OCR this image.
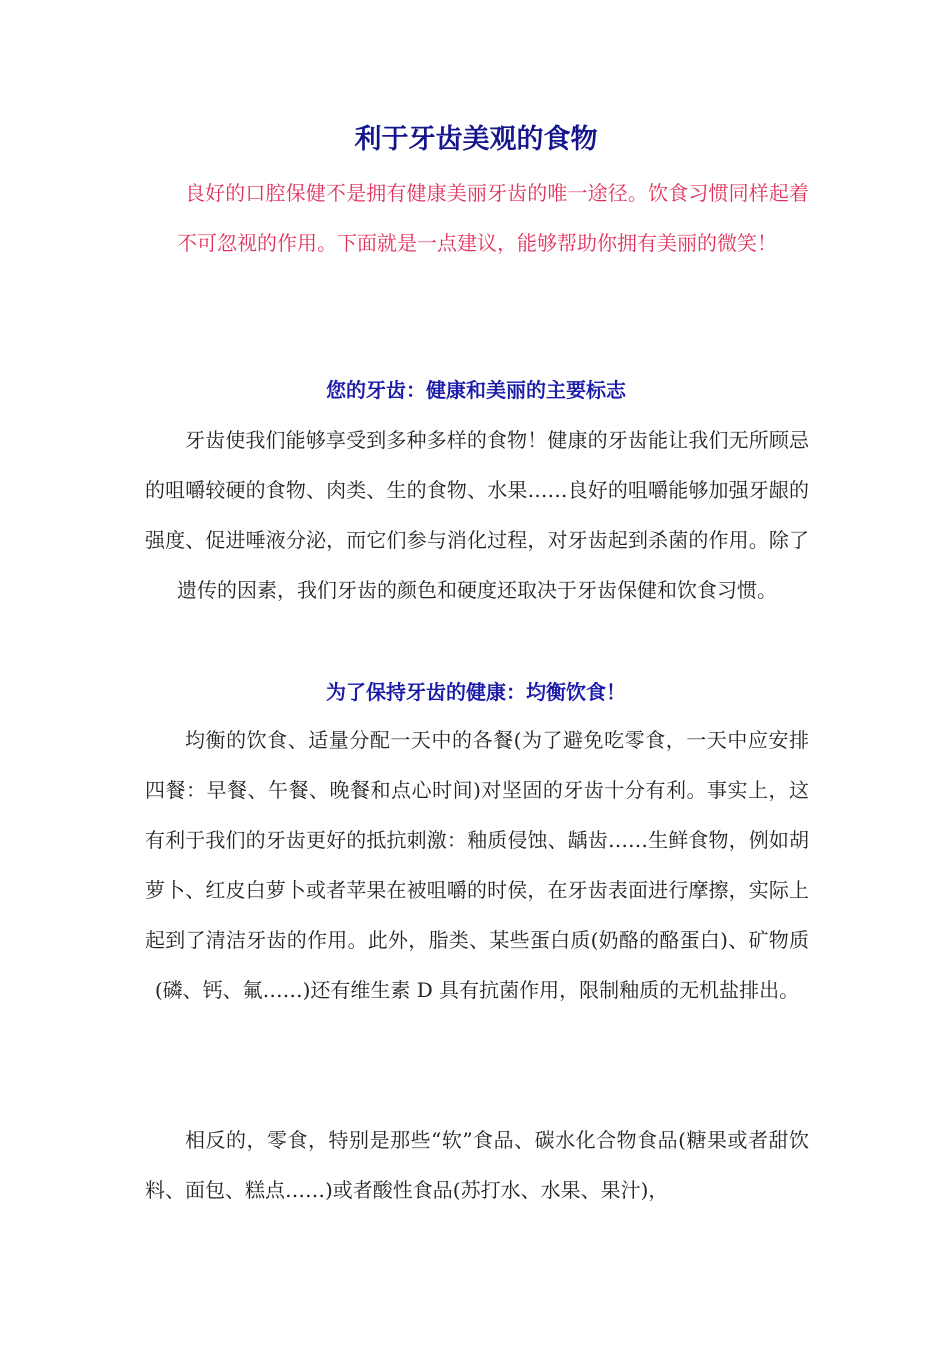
利于牙齿美观的食物
良好的口腔保健不是拥有健康美丽牙齿的唯一途径。饮食习惯同样起着不可忽视的作用。下面就是一点建议，能够帮助你拥有美丽的微笑！
您的牙齿：健康和美丽的主要标志
牙齿使我们能够享受到多种多样的食物！健康的牙齿能让我们无所顾忌的咀嚼较硬的食物、肉类、生的食物、水果……良好的咀嚼能够加强牙龈的强度、促进唾液分泌，而它们参与消化过程，对牙齿起到杀菌的作用。除了遗传的因素，我们牙齿的颜色和硬度还取决于牙齿保健和饮食习惯。
为了保持牙齿的健康：均衡饮食！
均衡的饮食、适量分配一天中的各餐(为了避免吃零食，一天中应安排四餐：早餐、午餐、晚餐和点心时间)对坚固的牙齿十分有利。事实上，这有利于我们的牙齿更好的抵抗刺激：釉质侵蚀、龋齿……生鲜食物，例如胡萝卜、红皮白萝卜或者苹果在被咀嚼的时侯，在牙齿表面进行摩擦，实际上起到了清洁牙齿的作用。此外，脂类、某些蛋白质(奶酪的酪蛋白)、矿物质(磷、钙、氟……)还有维生素 D 具有抗菌作用，限制釉质的无机盐排出。
相反的，零食，特别是那些“软”食品、碳水化合物食品(糖果或者甜饮料、面包、糕点……)或者酸性食品(苏打水、水果、果汁)，
